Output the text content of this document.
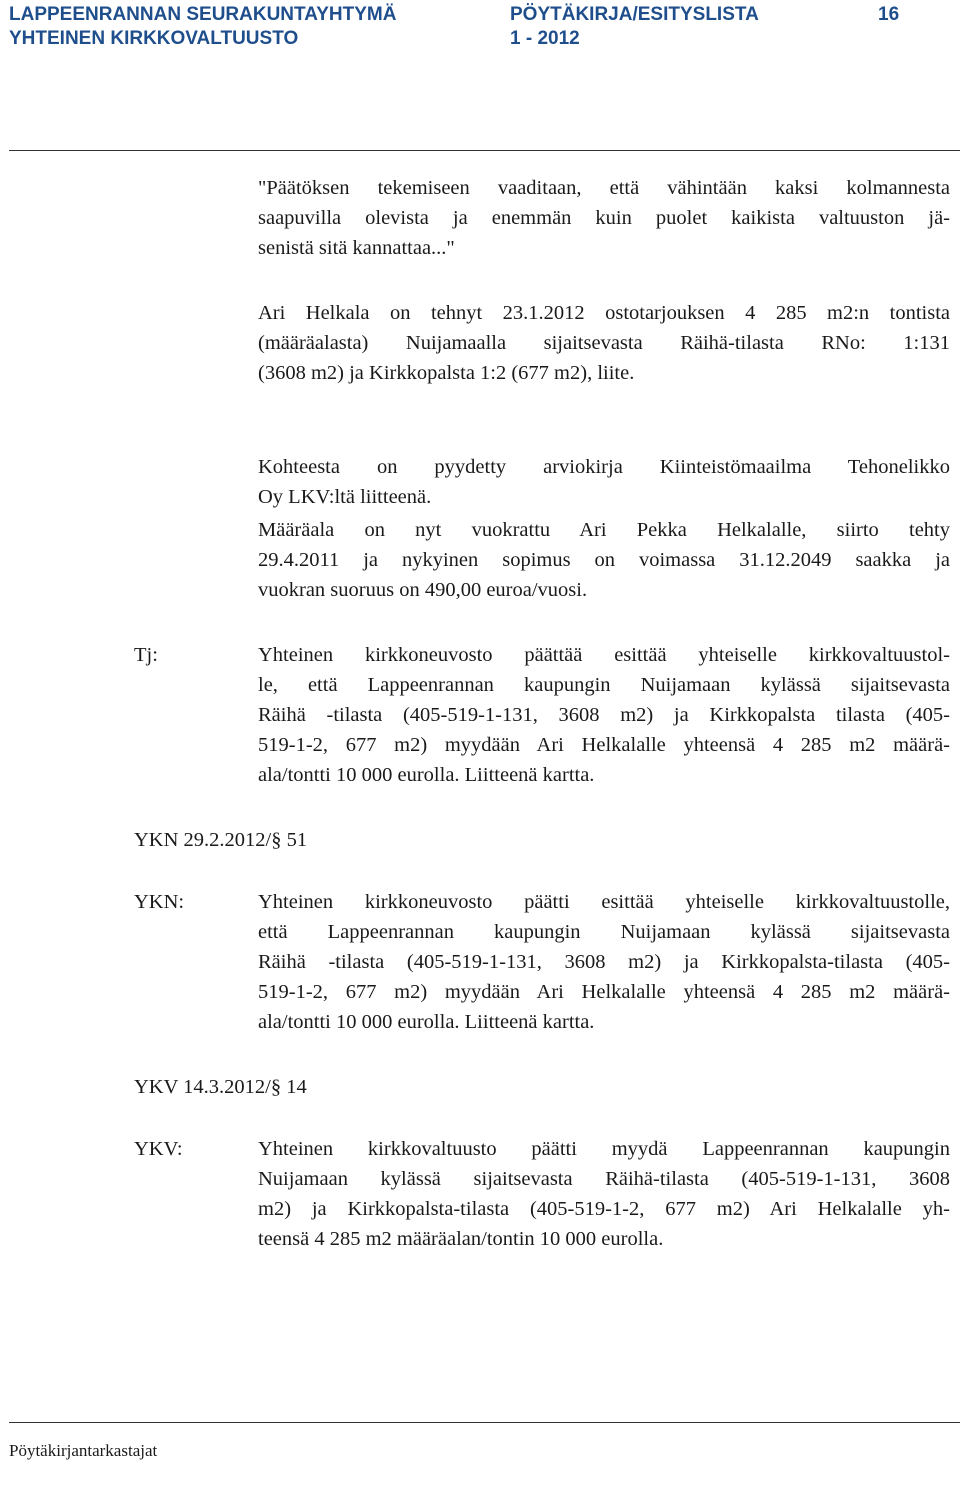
LAPPEENRANNAN SEURAKUNTAYHTYMÄ
YHTEINEN KIRKKOVALTUUSTO
PÖYTÄKIRJA/ESITYSLISTA
1 - 2012
16
"Päätöksen tekemiseen vaaditaan, että vähintään kaksi kolmannesta
saapuvilla olevista ja enemmän kuin puolet kaikista valtuuston jä-
senistä sitä kannattaa..."
Ari Helkala on tehnyt 23.1.2012 ostotarjouksen 4 285 m2:n tontista
(määräalasta) Nuijamaalla sijaitsevasta Räihä-tilasta RNo: 1:131
(3608 m2) ja Kirkkopalsta 1:2 (677 m2), liite.
Kohteesta on pyydetty arviokirja Kiinteistömaailma Tehonelikko
Oy LKV:ltä liitteenä.
Määräala on nyt vuokrattu Ari Pekka Helkalalle, siirto tehty
29.4.2011 ja nykyinen sopimus on voimassa 31.12.2049 saakka ja
vuokran suoruus on 490,00 euroa/vuosi.
Tj:	Yhteinen kirkkoneuvosto päättää esittää yhteiselle kirkkovaltuustol-
le, että Lappeenrannan kaupungin Nuijamaan kylässä sijaitsevasta
Räihä -tilasta (405-519-1-131, 3608 m2) ja Kirkkopalsta tilasta (405-
519-1-2, 677 m2) myydään Ari Helkalalle yhteensä 4 285 m2 määrä-
ala/tontti 10 000 eurolla. Liitteenä kartta.
YKN 29.2.2012/§ 51
YKN:	Yhteinen kirkkoneuvosto päätti esittää yhteiselle kirkkovaltuustolle,
että Lappeenrannan kaupungin Nuijamaan kylässä sijaitsevasta
Räihä -tilasta (405-519-1-131, 3608 m2) ja Kirkkopalsta-tilasta (405-
519-1-2, 677 m2) myydään Ari Helkalalle yhteensä 4 285 m2 määrä-
ala/tontti 10 000 eurolla. Liitteenä kartta.
YKV 14.3.2012/§ 14
YKV:	Yhteinen kirkkovaltuusto päätti myydä Lappeenrannan kaupungin
Nuijamaan kylässä sijaitsevasta Räihä-tilasta (405-519-1-131, 3608
m2) ja Kirkkopalsta-tilasta (405-519-1-2, 677 m2) Ari Helkalalle yh-
teensä 4 285 m2 määräalan/tontin 10 000 eurolla.
Pöytäkirjantarkastajat
